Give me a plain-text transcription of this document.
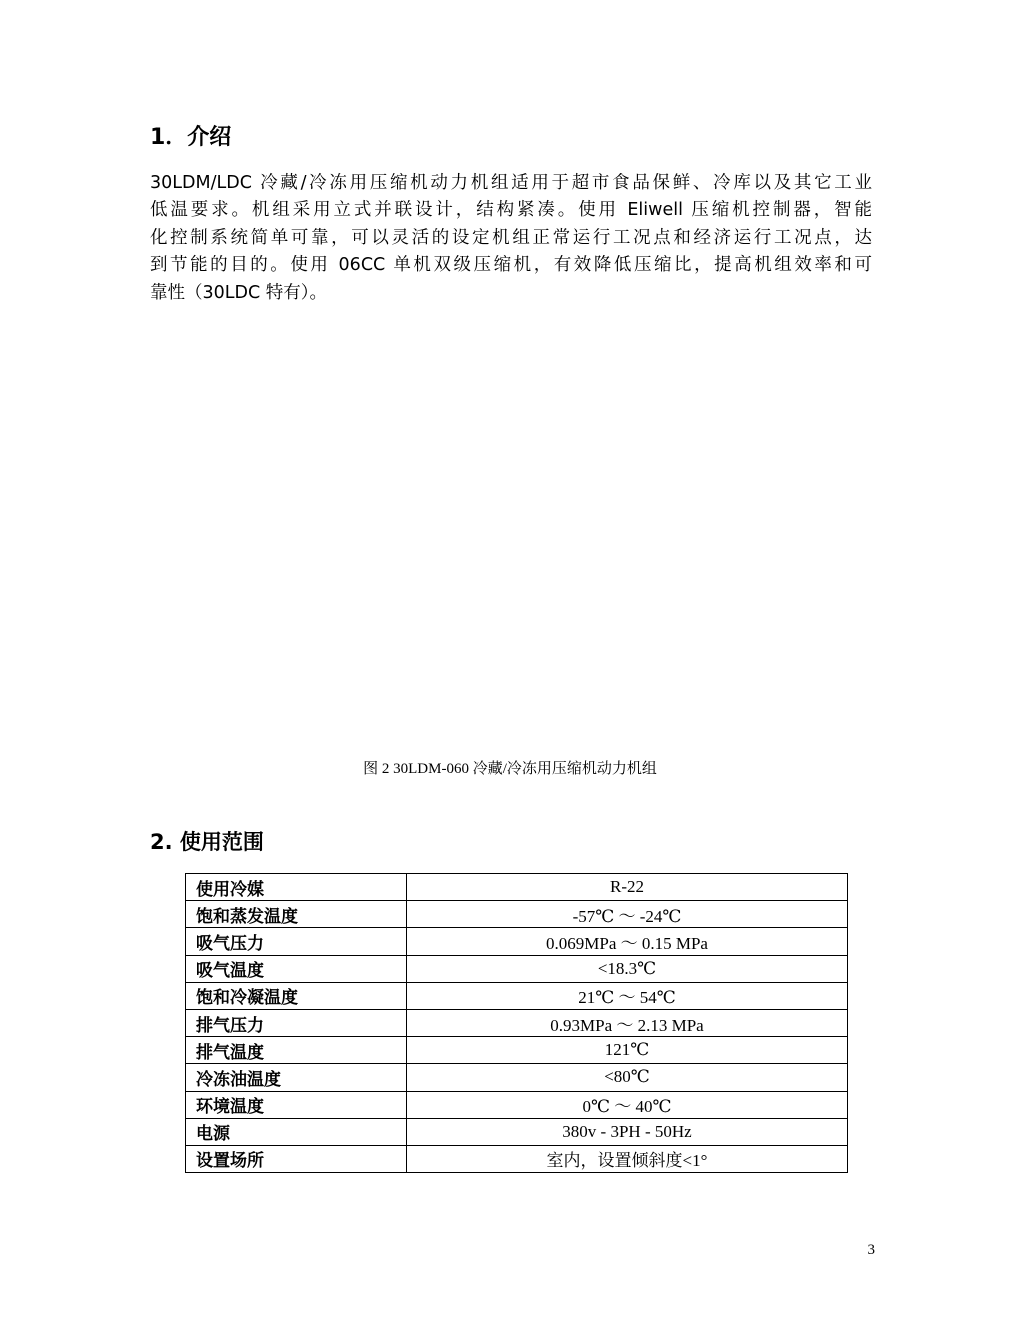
1．介绍

30LDM/LDC 冷藏/冷冻用压缩机动力机组适用于超市食品保鲜、冷库以及其它工业
低温要求。机组采用立式并联设计，结构紧凑。使用 Eliwell 压缩机控制器，智能
化控制系统简单可靠，可以灵活的设定机组正常运行工况点和经济运行工况点，达
到节能的目的。使用 06CC 单机双级压缩机，有效降低压缩比，提高机组效率和可
靠性（30LDC 特有）。

图 2 30LDM-060 冷藏/冷冻用压缩机动力机组
2. 使用范围
使用冷媒	R-22
饱和蒸发温度	-57℃ ～ -24℃
吸气压力	0.069MPa ～ 0.15 MPa
吸气温度	<18.3℃
饱和冷凝温度	21℃ ～ 54℃
排气压力	0.93MPa ～ 2.13 MPa
排气温度	121℃
冷冻油温度	<80℃
环境温度	0℃ ～ 40℃
电源	380v - 3PH - 50Hz
设置场所	室内，设置倾斜度<1°
3
